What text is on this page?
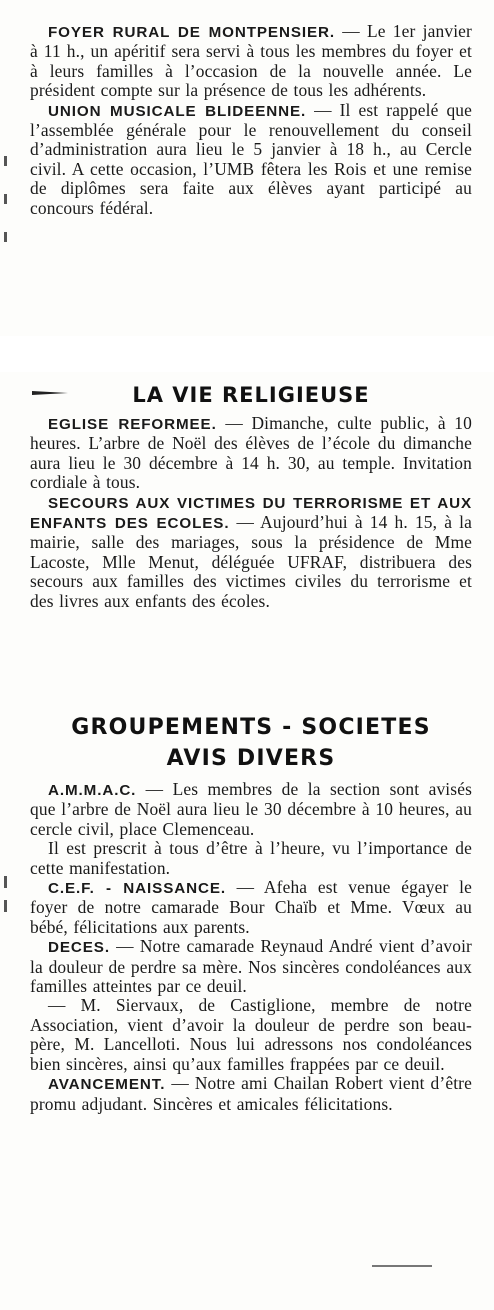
FOYER RURAL DE MONTPENSIER. — Le 1er janvier à 11 h., un apéritif sera servi à tous les membres du foyer et à leurs familles à l’occasion de la nouvelle année. Le président compte sur la présence de tous les adhérents.

UNION MUSICALE BLIDEENNE. — Il est rappelé que l’assemblée générale pour le renouvellement du conseil d’administration aura lieu le 5 janvier à 18 h., au Cercle civil. A cette occasion, l’UMB fêtera les Rois et une remise de diplômes sera faite aux élèves ayant participé au concours fédéral.

LA VIE RELIGIEUSE

EGLISE REFORMEE. — Dimanche, culte public, à 10 heures. L’arbre de Noël des élèves de l’école du dimanche aura lieu le 30 décembre à 14 h. 30, au temple. Invitation cordiale à tous.

SECOURS AUX VICTIMES DU TERRORISME ET AUX ENFANTS DES ECOLES. — Aujourd’hui à 14 h. 15, à la mairie, salle des mariages, sous la présidence de Mme Lacoste, Mlle Menut, déléguée UFRAF, distribuera des secours aux familles des victimes civiles du terrorisme et des livres aux enfants des écoles.

GROUPEMENTS - SOCIETES
AVIS DIVERS

A.M.M.A.C. — Les membres de la section sont avisés que l’arbre de Noël aura lieu le 30 décembre à 10 heures, au cercle civil, place Clemenceau.

Il est prescrit à tous d’être à l’heure, vu l’importance de cette manifestation.

C.E.F. - NAISSANCE. — Afeha est venue égayer le foyer de notre camarade Bour Chaïb et Mme. Vœux au bébé, félicitations aux parents.

DECES. — Notre camarade Reynaud André vient d’avoir la douleur de perdre sa mère. Nos sincères condoléances aux familles atteintes par ce deuil.

— M. Siervaux, de Castiglione, membre de notre Association, vient d’avoir la douleur de perdre son beau-père, M. Lancelloti. Nous lui adressons nos condoléances bien sincères, ainsi qu’aux familles frappées par ce deuil.

AVANCEMENT. — Notre ami Chailan Robert vient d’être promu adjudant. Sincères et amicales félicitations.
